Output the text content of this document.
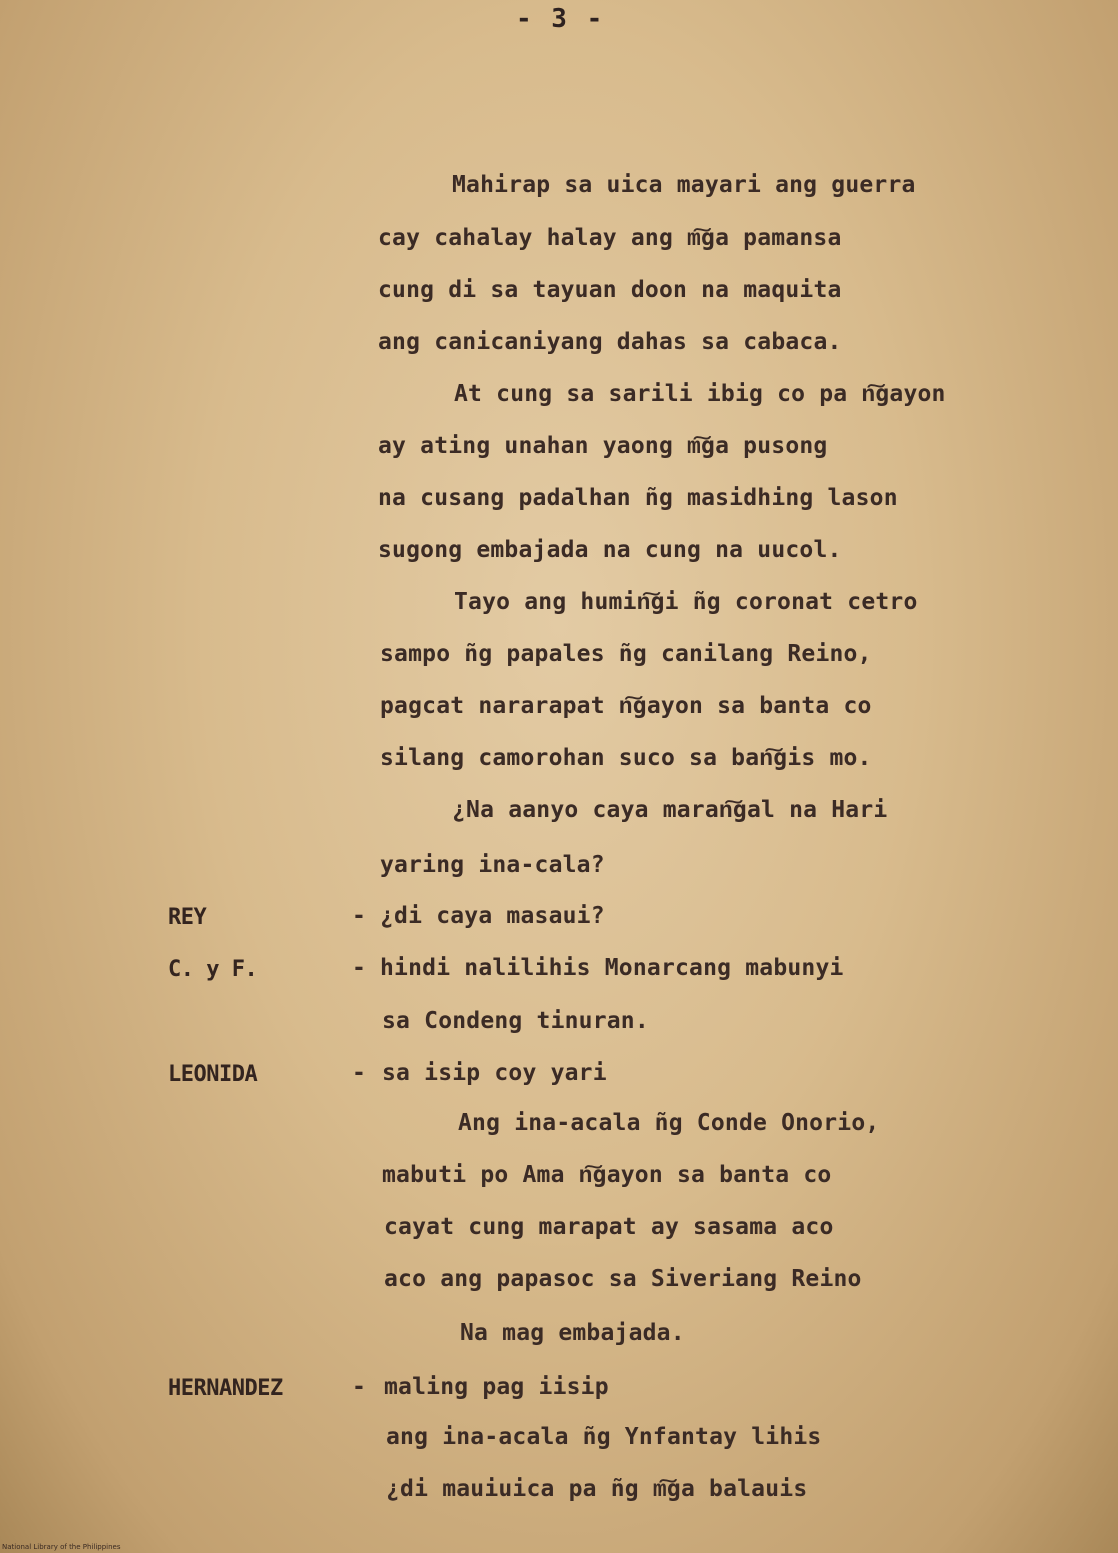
- 3 -
Mahirap sa uica mayari ang guerra
cay cahalay halay ang m͠ga pamansa
cung di sa tayuan doon na maquita
ang canicaniyang dahas sa cabaca.
At cung sa sarili ibig co pa n͠gayon
ay ating unahan yaong m͠ga pusong
na cusang padalhan ñg masidhing lason
sugong embajada na cung na uucol.
Tayo ang humin͠gi ñg coronat cetro
sampo ñg papales ñg canilang Reino,
pagcat nararapat n͠gayon sa banta co
silang camorohan suco sa ban͠gis mo.
¿Na aanyo caya maran͠gal na Hari
yaring ina-cala?
REY	- ¿di caya masaui?
C. y F.	- hindi nalilihis Monarcang mabunyi
sa Condeng tinuran.
LEONIDA	- sa isip coy yari
Ang ina-acala ñg Conde Onorio,
mabuti po Ama n͠gayon sa banta co
cayat cung marapat ay sasama aco
aco ang papasoc sa Siveriang Reino
Na mag embajada.
HERNANDEZ	- maling pag iisip
ang ina-acala ñg Ynfantay lihis
¿di mauiuica pa ñg m͠ga balauis
National Library of the Philippines
